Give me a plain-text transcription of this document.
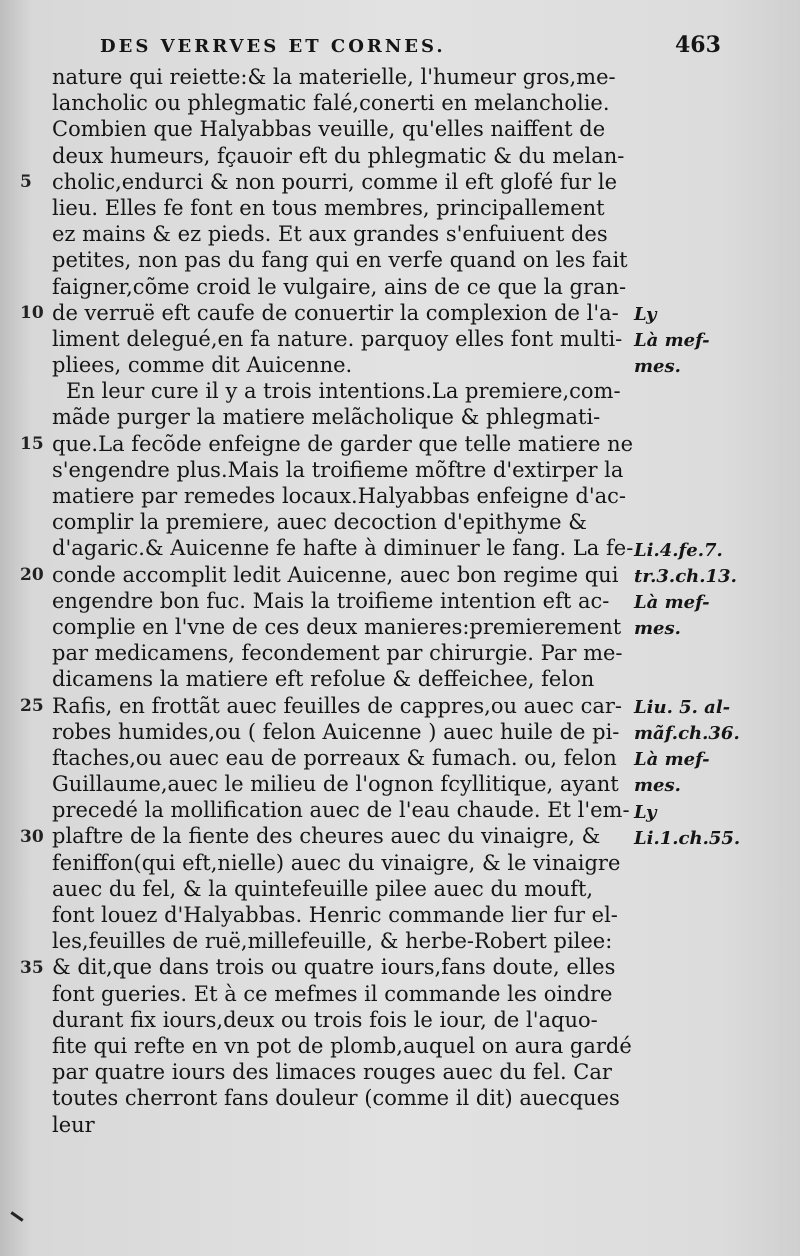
DES VERRVES ET CORNES.	463
5
10
15
20
25
30
35
nature qui reiette:& la materielle, l'humeur gros,me-
lancholic ou phlegmatic falé,conerti en melancholie.
Combien que Halyabbas veuille, qu'elles naiffent de
deux humeurs, fçauoir eft du phlegmatic & du melan-
cholic,endurci & non pourri, comme il eft glofé fur le
lieu. Elles fe font en tous membres, principallement
ez mains & ez pieds. Et aux grandes s'enfuiuent des
petites, non pas du fang qui en verfe quand on les fait
faigner,cõme croid le vulgaire, ains de ce que la gran-
de verruë eft caufe de conuertir la complexion de l'a-
liment delegué,en fa nature. parquoy elles font multi-
pliees, comme dit Auicenne.
En leur cure il y a trois intentions.La premiere,com-
mãde purger la matiere melãcholique & phlegmati-
que.La fecõde enfeigne de garder que telle matiere ne
s'engendre plus.Mais la troifieme mõftre d'extirper la
matiere par remedes locaux.Halyabbas enfeigne d'ac-
complir la premiere, auec decoction d'epithyme &
d'agaric.& Auicenne fe hafte à diminuer le fang. La fe-
conde accomplit ledit Auicenne, auec bon regime qui
engendre bon fuc. Mais la troifieme intention eft ac-
complie en l'vne de ces deux manieres:premierement
par medicamens, fecondement par chirurgie. Par me-
dicamens la matiere eft refolue & deffeichee, felon
Rafis, en frottãt auec feuilles de cappres,ou auec car-
robes humides,ou ( felon Auicenne ) auec huile de pi-
ftaches,ou auec eau de porreaux & fumach. ou, felon
Guillaume,auec le milieu de l'ognon fcyllitique, ayant
precedé la mollification auec de l'eau chaude. Et l'em-
plaftre de la fiente des cheures auec du vinaigre, &
feniffon(qui eft,nielle) auec du vinaigre, & le vinaigre
auec du fel, & la quintefeuille pilee auec du mouft,
font louez d'Halyabbas. Henric commande lier fur el-
les,feuilles de ruë,millefeuille, & herbe-Robert pilee:
& dit,que dans trois ou quatre iours,fans doute, elles
font gueries. Et à ce mefmes il commande les oindre
durant fix iours,deux ou trois fois le iour, de l'aquo-
fite qui refte en vn pot de plomb,auquel on aura gardé
par quatre iours des limaces rouges auec du fel. Car
toutes cherront fans douleur (comme il dit) auecques
leur
Ly
Là mef-
mes.
Li.4.fe.7.
tr.3.ch.13.
Là mef-
mes.
Liu. 5. al-
mãf.ch.36.
Là mef-
mes.
Ly
Li.1.ch.55.
